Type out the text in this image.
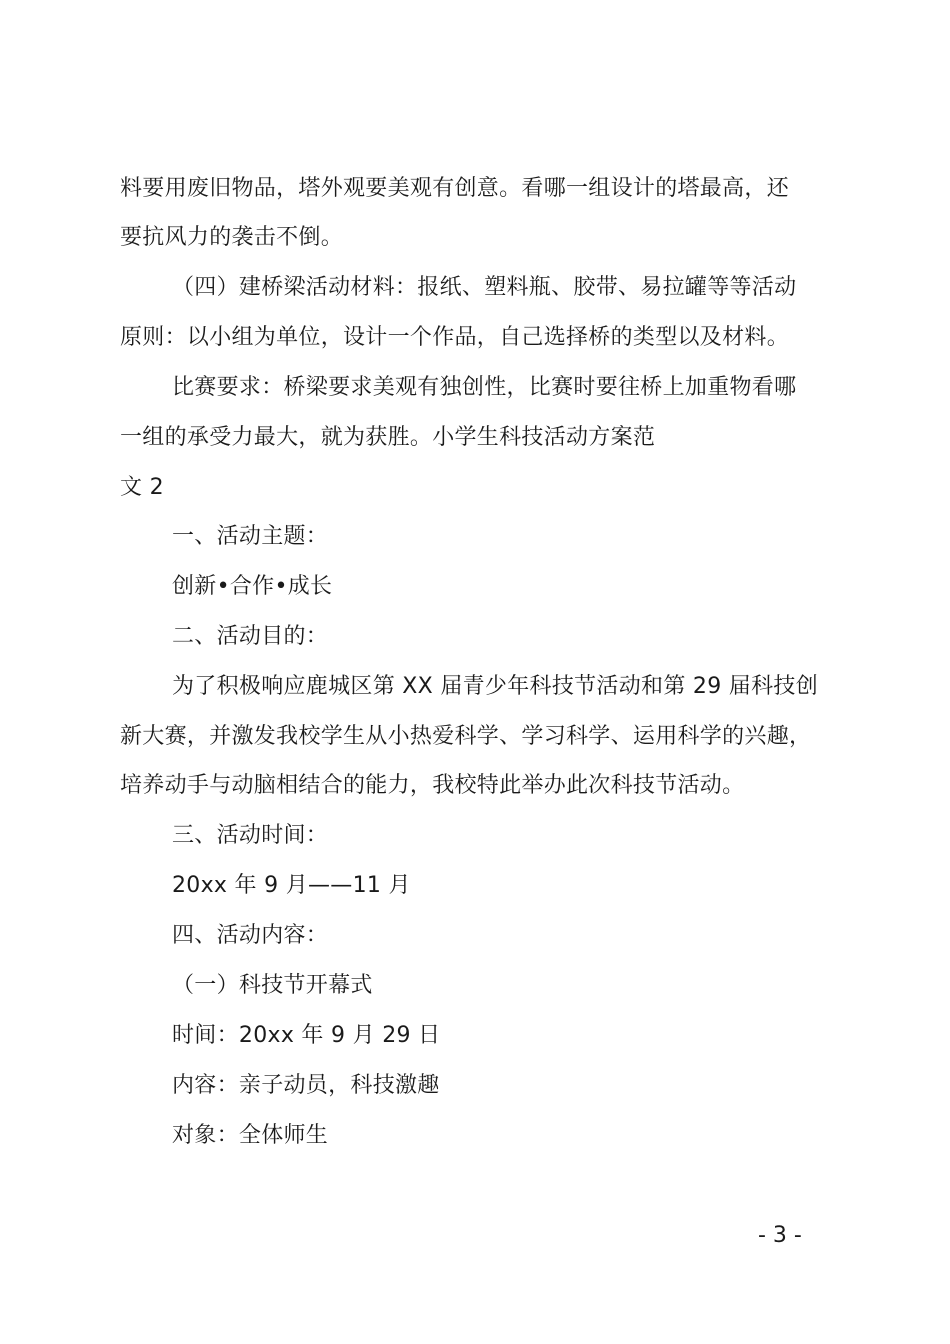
料要用废旧物品，塔外观要美观有创意。看哪一组设计的塔最高，还
要抗风力的袭击不倒。
（四）建桥梁活动材料：报纸、塑料瓶、胶带、易拉罐等等活动
原则：以小组为单位，设计一个作品，自己选择桥的类型以及材料。
比赛要求：桥梁要求美观有独创性，比赛时要往桥上加重物看哪
一组的承受力最大，就为获胜。小学生科技活动方案范
文 2
一、活动主题：
创新•合作•成长
二、活动目的：
为了积极响应鹿城区第 XX 届青少年科技节活动和第 29 届科技创
新大赛，并激发我校学生从小热爱科学、学习科学、运用科学的兴趣，
培养动手与动脑相结合的能力，我校特此举办此次科技节活动。
三、活动时间：
20xx 年 9 月——11 月
四、活动内容：
（一）科技节开幕式
时间：20xx 年 9 月 29 日
内容：亲子动员，科技激趣
对象：全体师生
- 3 -
